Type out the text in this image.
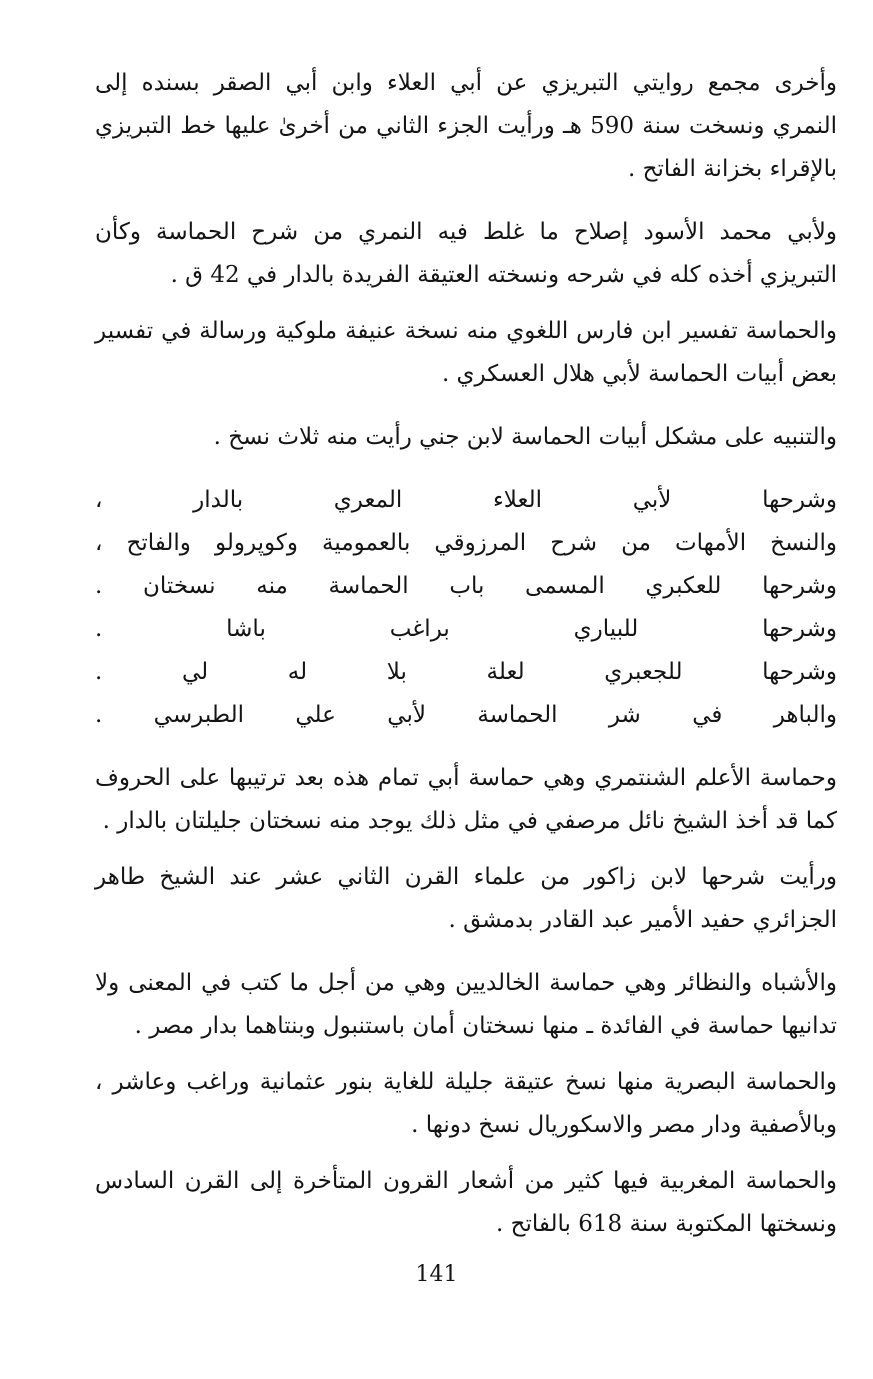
وأخرى مجمع روايتي التبريزي عن أبي العلاء وابن أبي الصقر بسنده إلى
النمري ونسخت سنة 590 هـ ورأيت الجزء الثاني من أخرىٰ عليها خط التبريزي
بالإقراء بخزانة الفاتح .

ولأبي محمد الأسود إصلاح ما غلط فيه النمري من شرح الحماسة وكأن
التبريزي أخذه كله في شرحه ونسخته العتيقة الفريدة بالدار في 42 ق .

والحماسة تفسير ابن فارس اللغوي منه نسخة عنيفة ملوكية ورسالة في تفسير
بعض أبيات الحماسة لأبي هلال العسكري .

والتنبيه على مشكل أبيات الحماسة لابن جني رأيت منه ثلاث نسخ .

وشرحها لأبي العلاء المعري بالدار ،
والنسخ الأمهات من شرح المرزوقي بالعمومية وكوپرولو والفاتح ،
وشرحها للعكبري المسمى باب الحماسة منه نسختان .
وشرحها للبياري براغب باشا .
وشرحها للجعبري لعلة بلا له لي .
والباهر في شر الحماسة لأبي علي الطبرسي .

وحماسة الأعلم الشنتمري وهي حماسة أبي تمام هذه بعد ترتيبها على الحروف
كما قد أخذ الشيخ نائل مرصفي في مثل ذلك يوجد منه نسختان جليلتان بالدار .

ورأيت شرحها لابن زاكور من علماء القرن الثاني عشر عند الشيخ طاهر
الجزائري حفيد الأمير عبد القادر بدمشق .

والأشباه والنظائر وهي حماسة الخالديين وهي من أجل ما كتب في المعنى ولا
تدانيها حماسة في الفائدة ـ منها نسختان أمان باستنبول وبنتاهما بدار مصر .

والحماسة البصرية منها نسخ عتيقة جليلة للغاية بنور عثمانية وراغب وعاشر ،
وبالأصفية ودار مصر والاسكوريال نسخ دونها .

والحماسة المغربية فيها كثير من أشعار القرون المتأخرة إلى القرن السادس
ونسختها المكتوبة سنة 618 بالفاتح .

141
